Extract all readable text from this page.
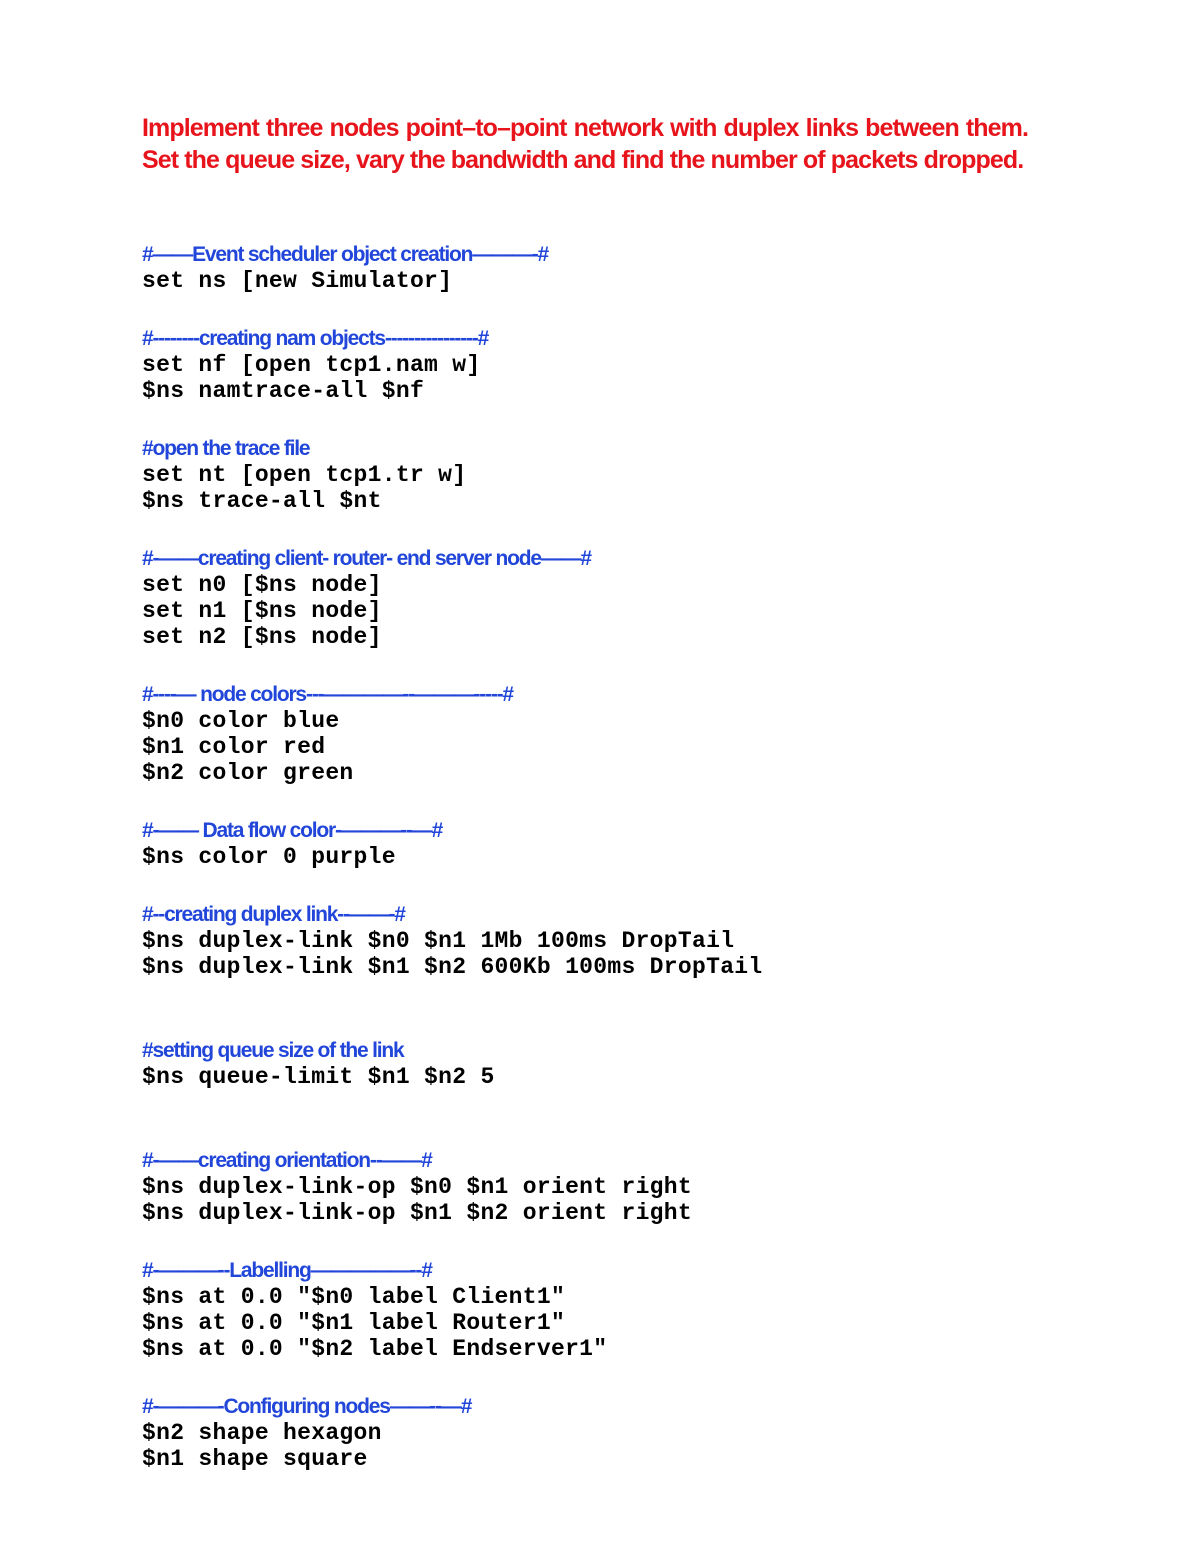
Implement three nodes point–to–point network with duplex links between them. Set the queue size, vary the bandwidth and find the number of packets dropped.

#——Event scheduler object creation———-#
set ns [new Simulator]
#--------creating nam objects----------------#
set nf [open tcp1.nam w]
$ns namtrace-all $nf
#open the trace file
set nt [open tcp1.tr w]
$ns trace-all $nt
#-——creating client- router- end server node——#
set n0 [$ns node]
set n1 [$ns node]
set n2 [$ns node]
#----— node colors---————--———-----#
$n0 color blue
$n1 color red
$n2 color green
#-—— Data flow color-———--—#
$ns color 0 purple
#--creating duplex link--——-#
$ns duplex-link $n0 $n1 1Mb 100ms DropTail
$ns duplex-link $n1 $n2 600Kb 100ms DropTail
#setting queue size of the link
$ns queue-limit $n1 $n2 5
#-——creating orientation--——#
$ns duplex-link-op $n0 $n1 orient right
$ns duplex-link-op $n1 $n2 orient right
#-———--Labelling—————--#
$ns at 0.0 "$n0 label Client1"
$ns at 0.0 "$n1 label Router1"
$ns at 0.0 "$n2 label Endserver1"
#-———-Configuring nodes——--—#
$n2 shape hexagon
$n1 shape square
